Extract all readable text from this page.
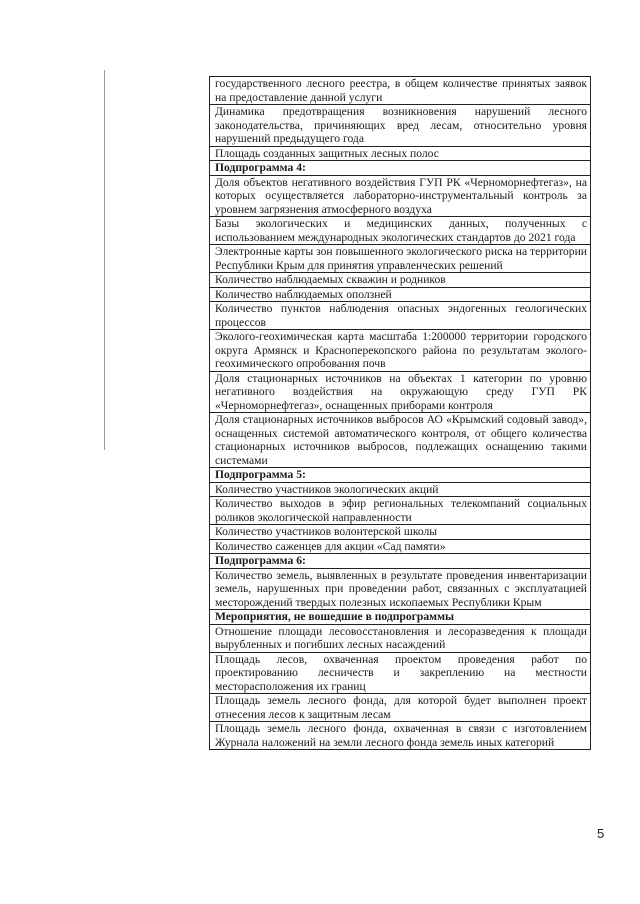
государственного лесного реестра, в общем количестве принятых заявок на предоставление данной услуги
Динамика предотвращения возникновения нарушений лесного законодательства, причиняющих вред лесам, относительно уровня нарушений предыдущего года
Площадь созданных защитных лесных полос
Подпрограмма 4:
Доля объектов негативного воздействия ГУП РК «Черноморнефтегаз», на которых осуществляется лабораторно-инструментальный контроль за уровнем загрязнения атмосферного воздуха
Базы экологических и медицинских данных, полученных с использованием международных экологических стандартов до 2021 года
Электронные карты зон повышенного экологического риска на территории Республики Крым для принятия управленческих решений
Количество наблюдаемых скважин и родников
Количество наблюдаемых оползней
Количество пунктов наблюдения опасных эндогенных геологических процессов
Эколого-геохимическая карта масштаба 1:200000 территории городского округа Армянск и Красноперекопского района по результатам эколого-геохимического опробования почв
Доля стационарных источников на объектах 1 категории по уровню негативного воздействия на окружающую среду ГУП РК «Черноморнефтегаз», оснащенных приборами контроля
Доля стационарных источников выбросов АО «Крымский содовый завод», оснащенных системой автоматического контроля, от общего количества стационарных источников выбросов, подлежащих оснащению такими системами
Подпрограмма 5:
Количество участников экологических акций
Количество выходов в эфир региональных телекомпаний социальных роликов экологической направленности
Количество участников волонтерской школы
Количество саженцев для акции «Сад памяти»
Подпрограмма 6:
Количество земель, выявленных в результате проведения инвентаризации земель, нарушенных при проведении работ, связанных с эксплуатацией месторождений твердых полезных ископаемых Республики Крым
Мероприятия, не вошедшие в подпрограммы
Отношение площади лесовосстановления и лесоразведения к площади вырубленных и погибших лесных насаждений
Площадь лесов, охваченная проектом проведения работ по проектированию лесничеств и закреплению на местности месторасположения их границ
Площадь земель лесного фонда, для которой будет выполнен проект отнесения лесов к защитным лесам
Площадь земель лесного фонда, охваченная в связи с изготовлением Журнала наложений на земли лесного фонда земель иных категорий
5
